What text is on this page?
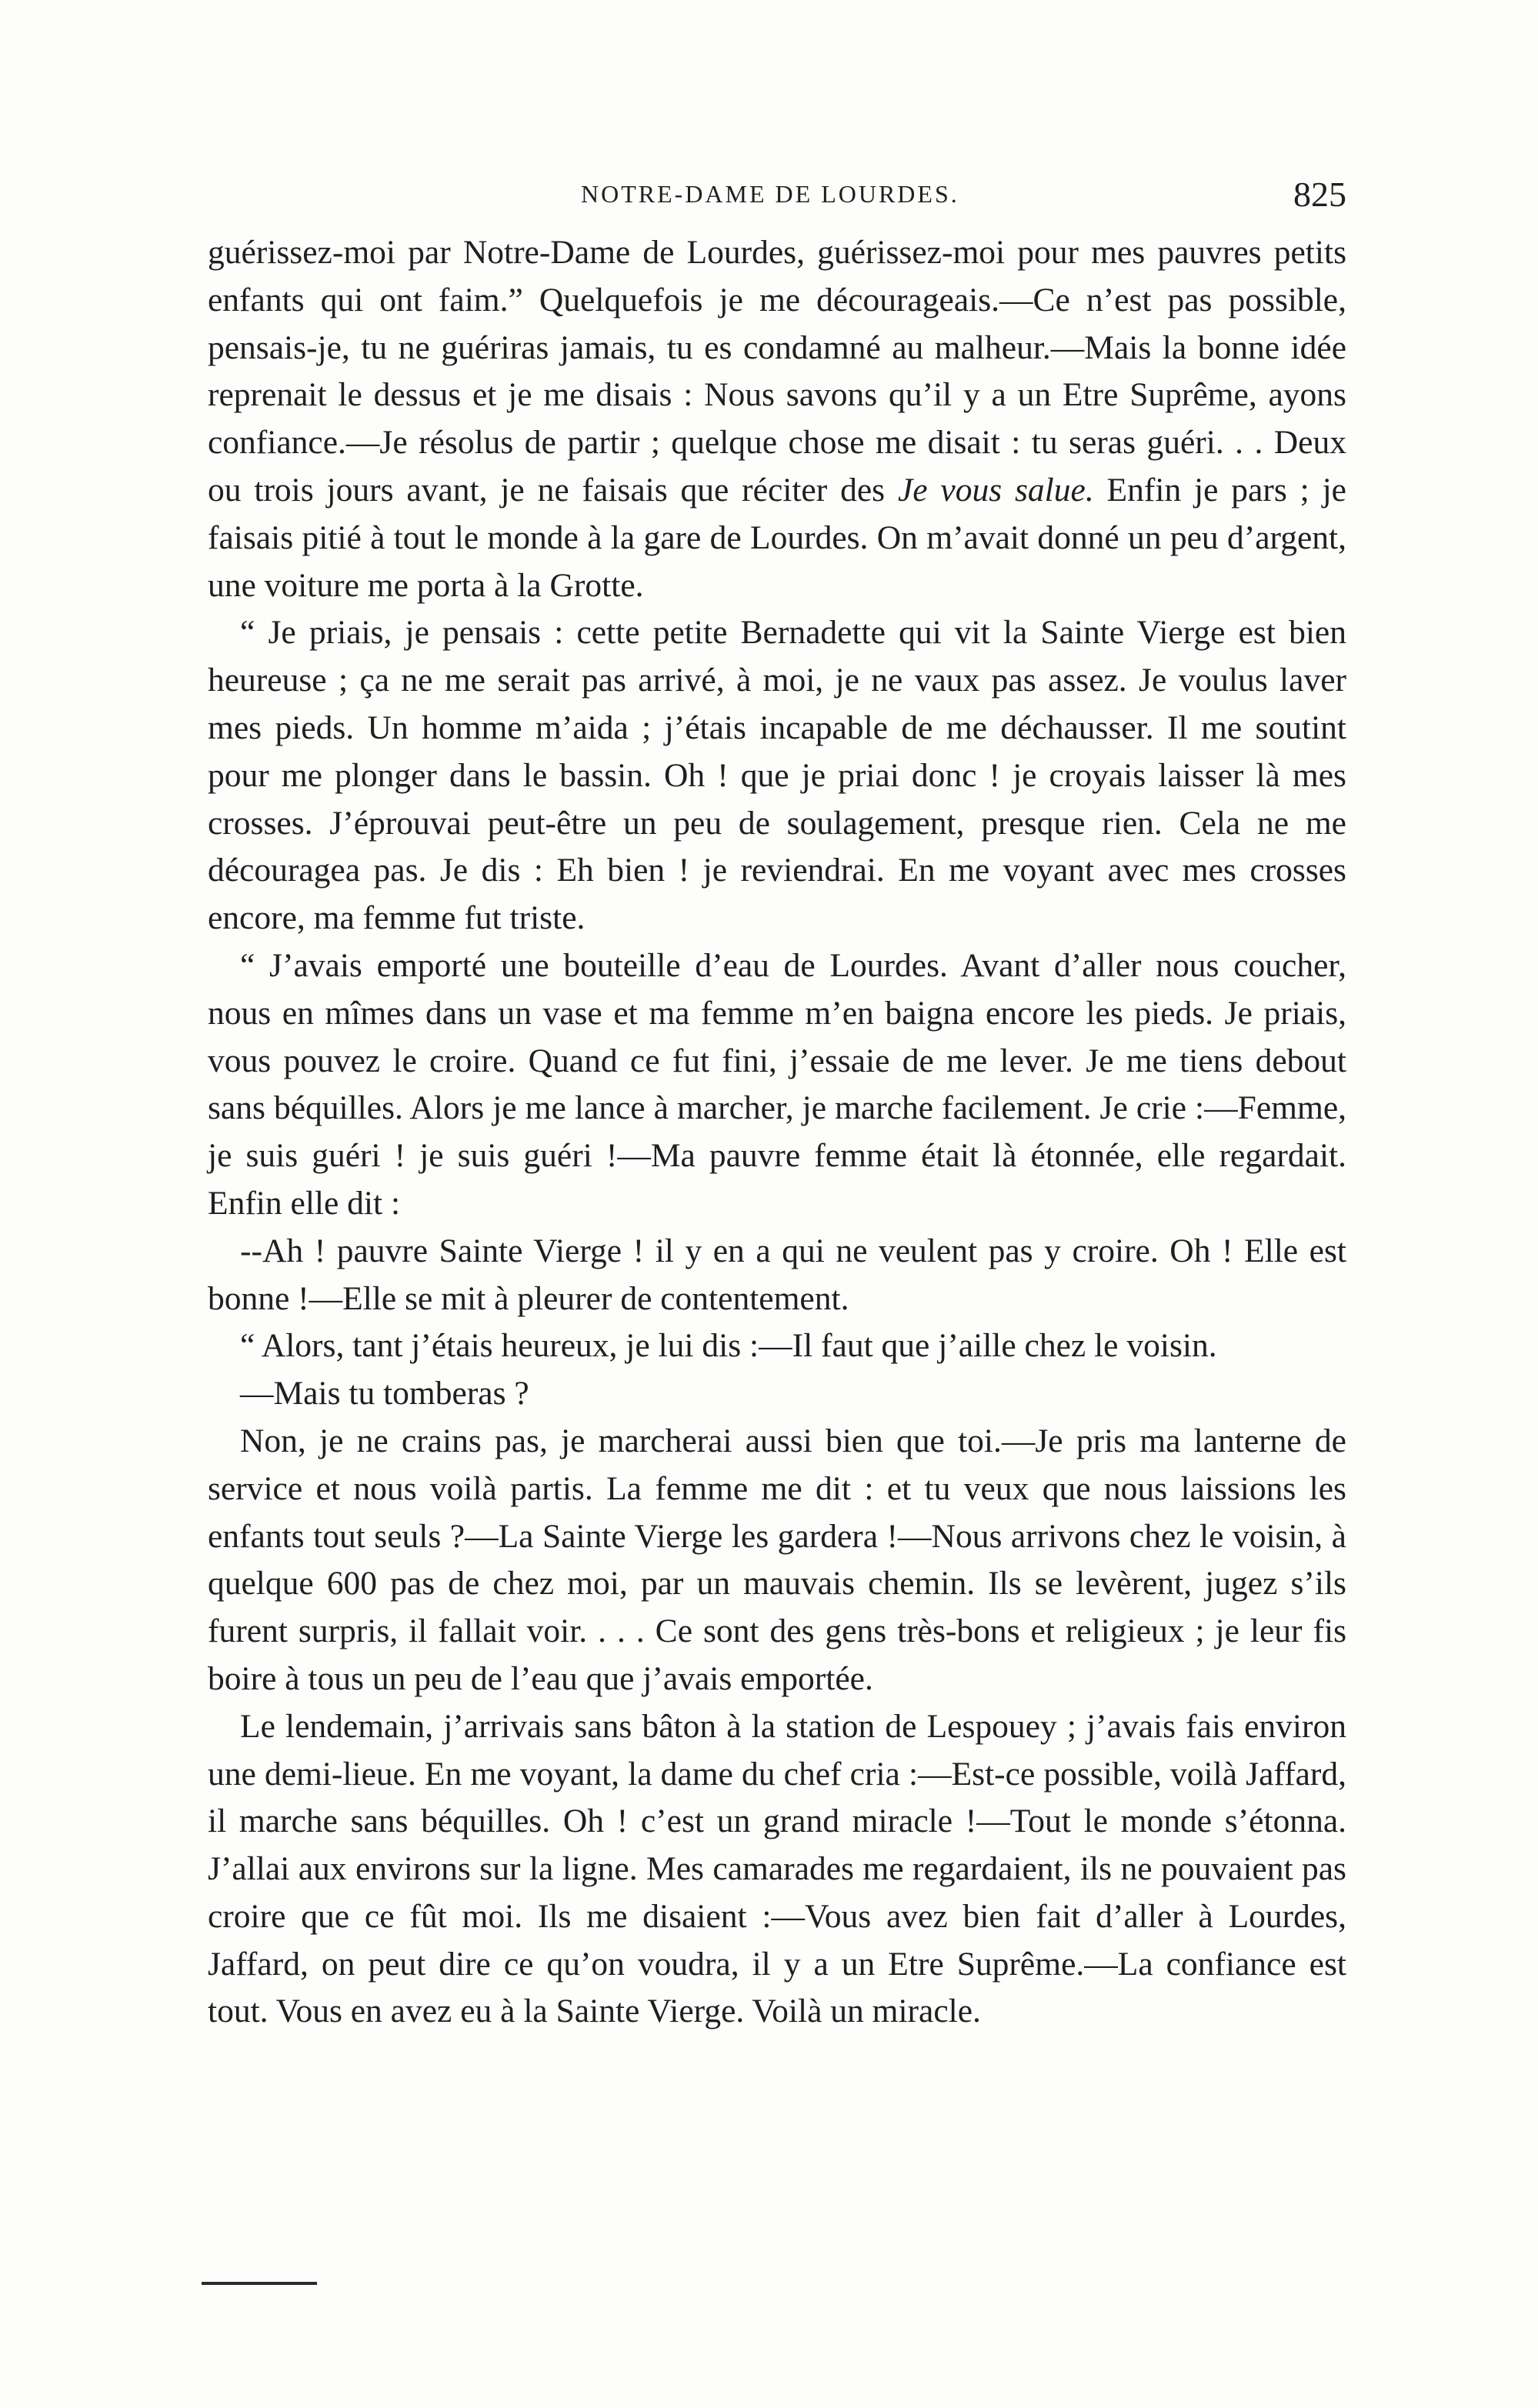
NOTRE-DAME DE LOURDES.	825

guérissez-moi par Notre-Dame de Lourdes, guérissez-moi pour mes pauvres petits enfants qui ont faim.” Quelquefois je me décourageais.—Ce n’est pas possible, pensais-je, tu ne guériras jamais, tu es condamné au malheur.—Mais la bonne idée reprenait le dessus et je me disais : Nous savons qu’il y a un Etre Suprême, ayons confiance.—Je résolus de partir ; quelque chose me disait : tu seras guéri. . . Deux ou trois jours avant, je ne faisais que réciter des Je vous salue. Enfin je pars ; je faisais pitié à tout le monde à la gare de Lourdes. On m’avait donné un peu d’argent, une voiture me porta à la Grotte.

“ Je priais, je pensais : cette petite Bernadette qui vit la Sainte Vierge est bien heureuse ; ça ne me serait pas arrivé, à moi, je ne vaux pas assez. Je voulus laver mes pieds. Un homme m’aida ; j’étais incapable de me déchausser. Il me soutint pour me plonger dans le bassin. Oh ! que je priai donc ! je croyais laisser là mes crosses. J’éprouvai peut-être un peu de soulagement, presque rien. Cela ne me découragea pas. Je dis : Eh bien ! je reviendrai. En me voyant avec mes crosses encore, ma femme fut triste.

“ J’avais emporté une bouteille d’eau de Lourdes. Avant d’aller nous coucher, nous en mîmes dans un vase et ma femme m’en baigna encore les pieds. Je priais, vous pouvez le croire. Quand ce fut fini, j’essaie de me lever. Je me tiens debout sans béquilles. Alors je me lance à marcher, je marche facilement. Je crie :—Femme, je suis guéri ! je suis guéri !—Ma pauvre femme était là étonnée, elle regardait. Enfin elle dit :

--Ah ! pauvre Sainte Vierge ! il y en a qui ne veulent pas y croire. Oh ! Elle est bonne !—Elle se mit à pleurer de contentement.

“ Alors, tant j’étais heureux, je lui dis :—Il faut que j’aille chez le voisin.

—Mais tu tomberas ?

Non, je ne crains pas, je marcherai aussi bien que toi.—Je pris ma lanterne de service et nous voilà partis. La femme me dit : et tu veux que nous laissions les enfants tout seuls ?—La Sainte Vierge les gardera !—Nous arrivons chez le voisin, à quelque 600 pas de chez moi, par un mauvais chemin. Ils se levèrent, jugez s’ils furent surpris, il fallait voir. . . . Ce sont des gens très-bons et religieux ; je leur fis boire à tous un peu de l’eau que j’avais emportée.

Le lendemain, j’arrivais sans bâton à la station de Lespouey ; j’avais fais environ une demi-lieue. En me voyant, la dame du chef cria :—Est-ce possible, voilà Jaffard, il marche sans béquilles. Oh ! c’est un grand miracle !—Tout le monde s’étonna. J’allai aux environs sur la ligne. Mes camarades me regardaient, ils ne pouvaient pas croire que ce fût moi. Ils me disaient :—Vous avez bien fait d’aller à Lourdes, Jaffard, on peut dire ce qu’on voudra, il y a un Etre Suprême.—La confiance est tout. Vous en avez eu à la Sainte Vierge. Voilà un miracle.
